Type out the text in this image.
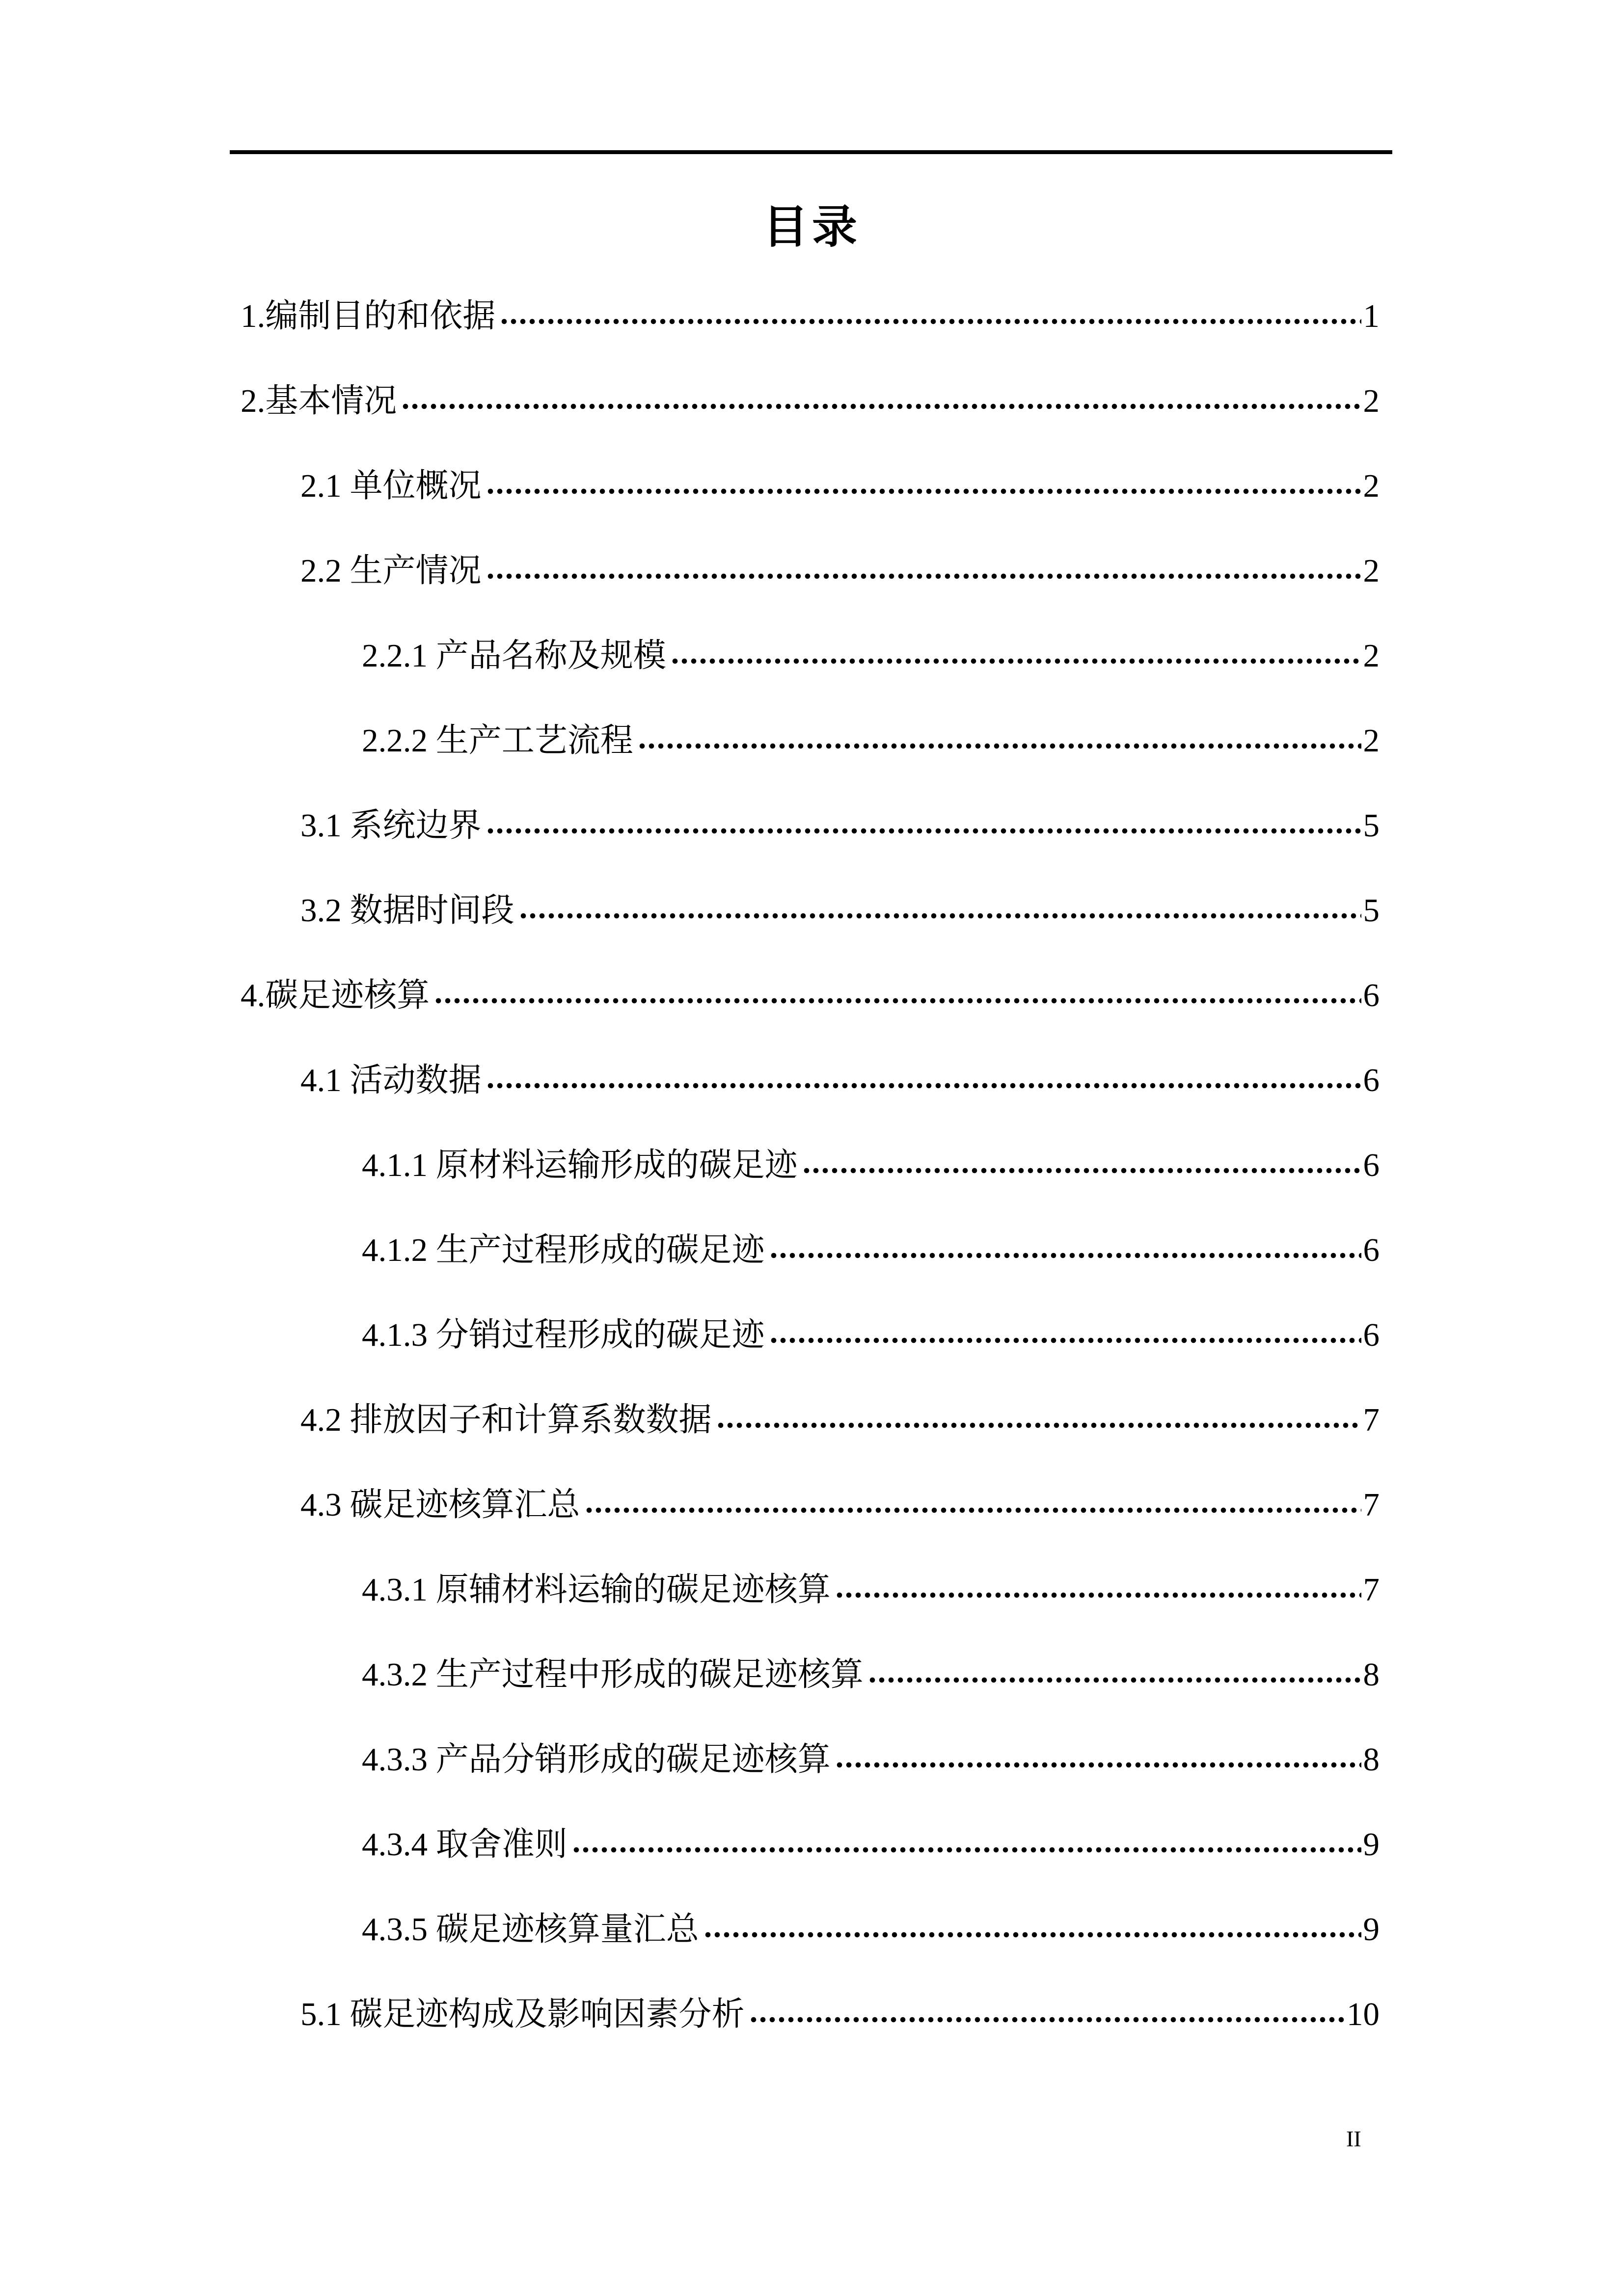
目录
1.编制目的和依据	1
2.基本情况	2
2.1 单位概况	2
2.2 生产情况	2
2.2.1 产品名称及规模	2
2.2.2 生产工艺流程	2
3.1 系统边界	5
3.2 数据时间段	5
4.碳足迹核算	6
4.1 活动数据	6
4.1.1 原材料运输形成的碳足迹	6
4.1.2 生产过程形成的碳足迹	6
4.1.3 分销过程形成的碳足迹	6
4.2 排放因子和计算系数数据	7
4.3 碳足迹核算汇总	7
4.3.1 原辅材料运输的碳足迹核算	7
4.3.2 生产过程中形成的碳足迹核算	8
4.3.3 产品分销形成的碳足迹核算	8
4.3.4 取舍准则	9
4.3.5 碳足迹核算量汇总	9
5.1 碳足迹构成及影响因素分析	10
II
